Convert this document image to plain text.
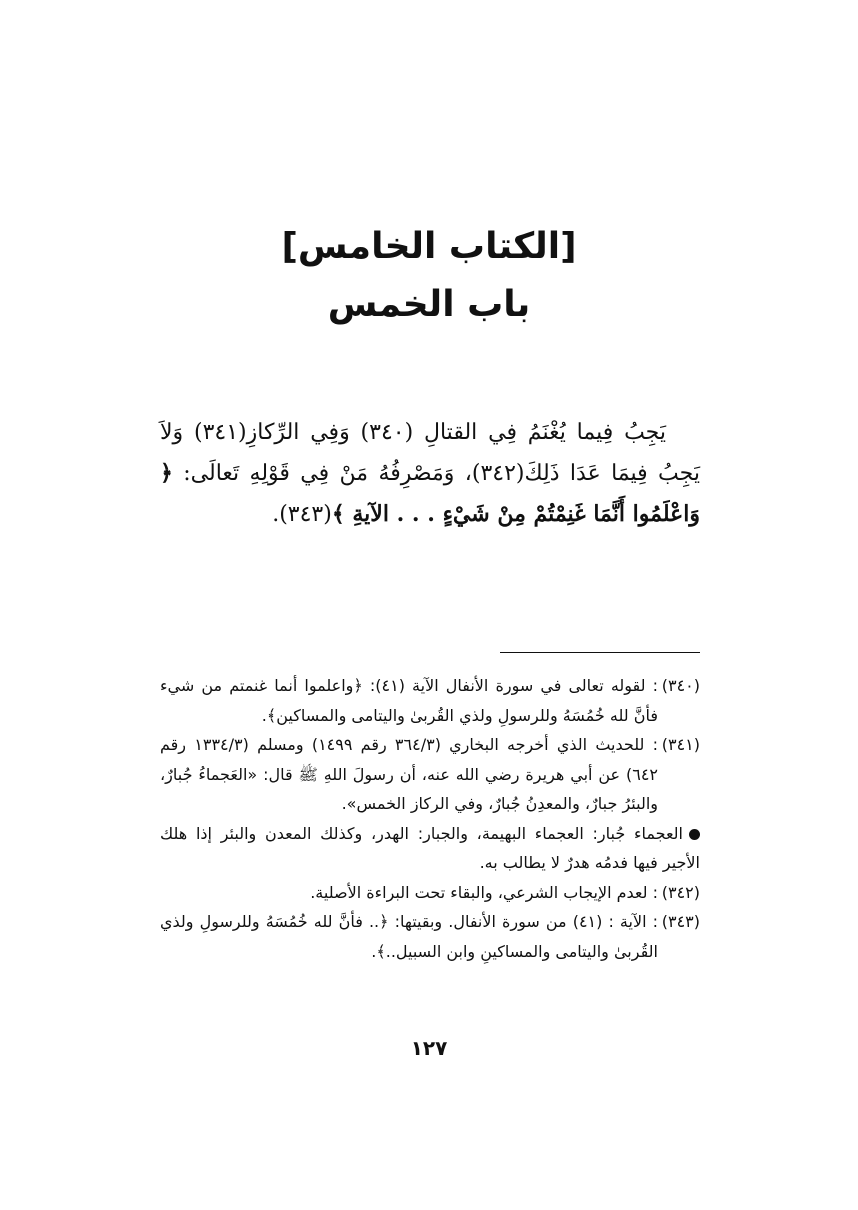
[الكتاب الخامس]
باب الخمس

يَجِبُ فِيما يُغْنَمُ فِي القتالِ (٣٤٠) وَفِي الرِّكازِ(٣٤١) وَلاَ يَجِبُ فِيمَا عَدَا ذَلِكَ(٣٤٢)، وَمَصْرِفُهُ مَنْ فِي قَوْلِهِ تَعالَى: ﴿ وَاعْلَمُوا أَنَّمَا غَنِمْتُمْ مِنْ شَيْءٍ . . . الآيةِ ﴾(٣٤٣).

(٣٤٠): لقوله تعالى في سورة الأنفال الآية (٤١): ﴿واعلموا أنما غنمتم من شيء فأنَّ لله خُمُسَهُ وللرسولِ ولذي القُربىٰ واليتامى والمساكين﴾.

(٣٤١): للحديث الذي أخرجه البخاري (٣٦٤/٣ رقم ١٤٩٩) ومسلم (١٣٣٤/٣ رقم ٦٤٢) عن أبي هريرة رضي الله عنه، أن رسولَ اللهِ ﷺ قال: «العَجماءُ جُبارٌ، والبئرُ جبارٌ، والمعدِنُ جُبارٌ، وفي الركاز الخمس».

العجماء جُبار: العجماء البهيمة، والجبار: الهدر، وكذلك المعدن والبئر إذا هلك الأجير فيها فدمُه هدرٌ لا يطالب به.

(٣٤٢): لعدم الإيجاب الشرعي، والبقاء تحت البراءة الأصلية.

(٣٤٣): الآية : (٤١) من سورة الأنفال. وبقيتها: ﴿.. فأنَّ لله خُمُسَهُ وللرسولِ ولذي القُربىٰ واليتامى والمساكينِ وابن السبيل..﴾.

١٢٧
